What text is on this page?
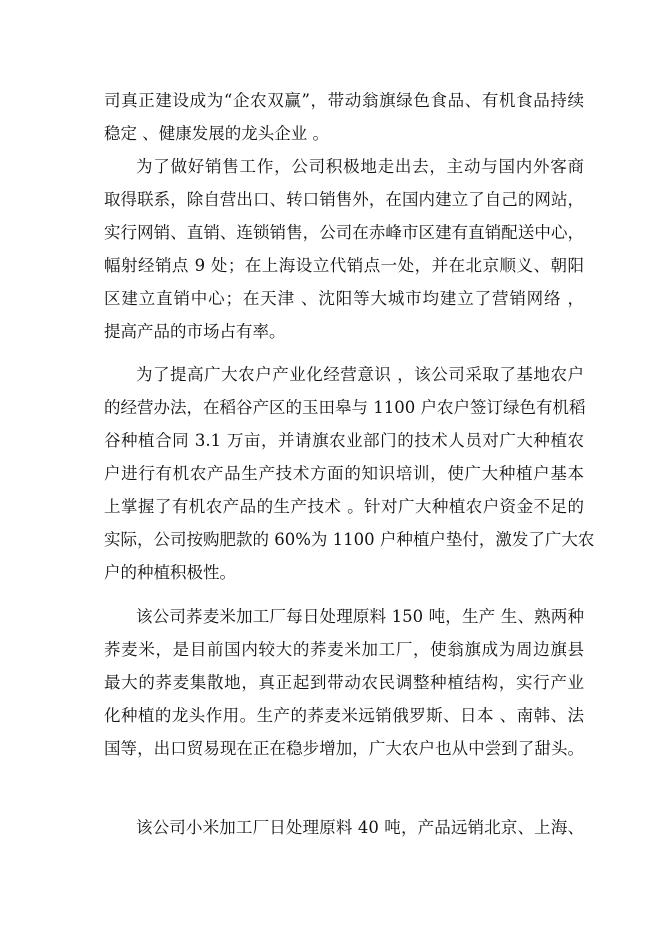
司真正建设成为“企农双赢”，带动翁旗绿色食品、有机食品持续
稳定 、健康发展的龙头企业 。
为了做好销售工作，公司积极地走出去，主动与国内外客商
取得联系，除自营出口、转口销售外，在国内建立了自己的网站，
实行网销、直销、连锁销售，公司在赤峰市区建有直销配送中心，
幅射经销点 9 处；在上海设立代销点一处，并在北京顺义、朝阳
区建立直销中心；在天津 、沈阳等大城市均建立了营销网络 ，
提高产品的市场占有率。
为了提高广大农户产业化经营意识 ，该公司采取了基地农户
的经营办法，在稻谷产区的玉田皋与 1100 户农户签订绿色有机稻
谷种植合同 3.1 万亩，并请旗农业部门的技术人员对广大种植农
户进行有机农产品生产技术方面的知识培训，使广大种植户基本
上掌握了有机农产品的生产技术 。针对广大种植农户资金不足的
实际，公司按购肥款的 60%为 1100 户种植户垫付，激发了广大农
户的种植积极性。
该公司荞麦米加工厂每日处理原料 150 吨，生产 生、熟两种
荞麦米，是目前国内较大的荞麦米加工厂，使翁旗成为周边旗县
最大的荞麦集散地，真正起到带动农民调整种植结构，实行产业
化种植的龙头作用。生产的荞麦米远销俄罗斯、日本 、南韩、法
国等，出口贸易现在正在稳步增加，广大农户也从中尝到了甜头。
该公司小米加工厂日处理原料 40 吨，产品远销北京、上海、
